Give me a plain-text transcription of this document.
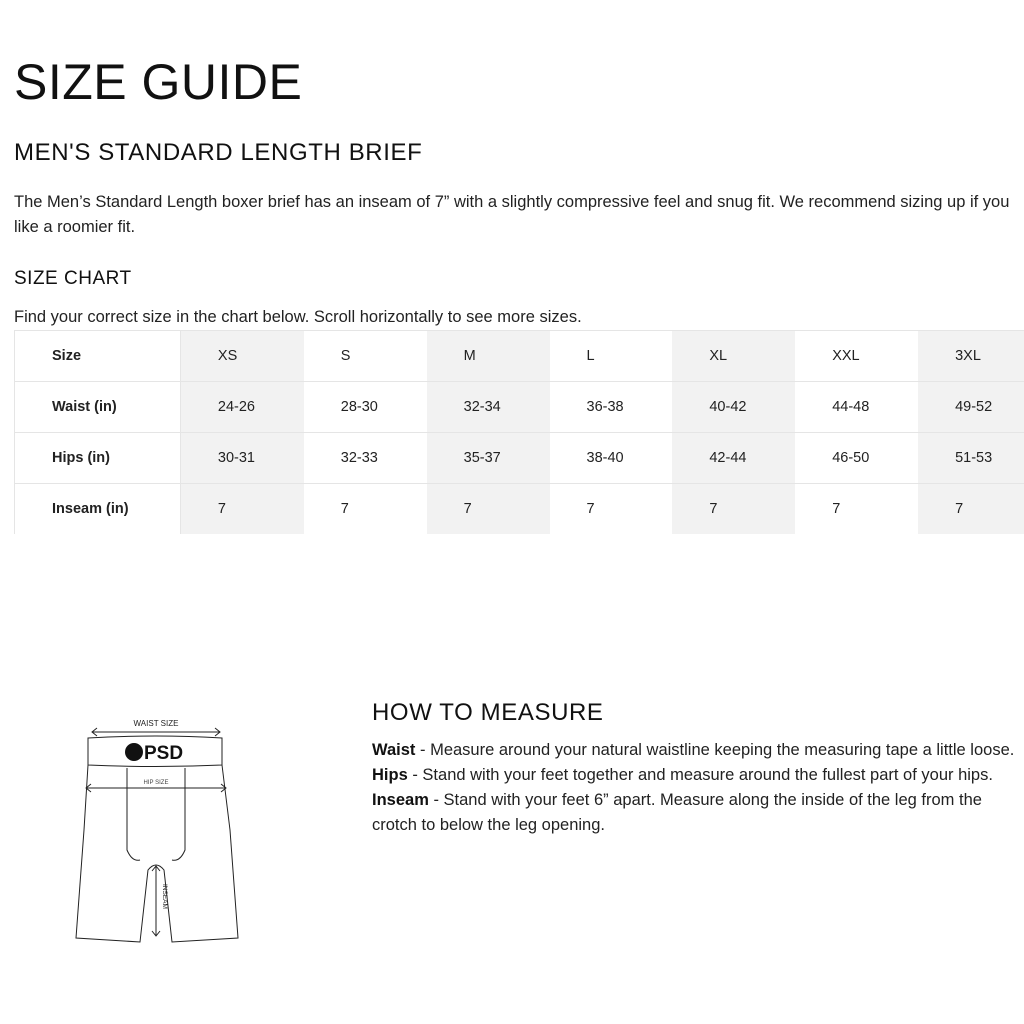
SIZE GUIDE
MEN'S STANDARD LENGTH BRIEF

The Men’s Standard Length boxer brief has an inseam of 7” with a slightly compressive feel and snug fit. We recommend sizing up if you like a roomier fit.

SIZE CHART

Find your correct size in the chart below. Scroll horizontally to see more sizes.

Size	XS	S	M	L	XL	XXL	3XL	
Waist (in)	24-26	28-30	32-34	36-38	40-42	44-48	49-52	
Hips (in)	30-31	32-33	35-37	38-40	42-44	46-50	51-53	
Inseam (in)	7	7	7	7	7	7	7	
WAIST SIZE
HIP SIZE
INSEAM
PSD
HOW TO MEASURE

Waist - Measure around your natural waistline keeping the measuring tape a little loose.

Hips - Stand with your feet together and measure around the fullest part of your hips.

Inseam - Stand with your feet 6” apart. Measure along the inside of the leg from the crotch to below the leg opening.
